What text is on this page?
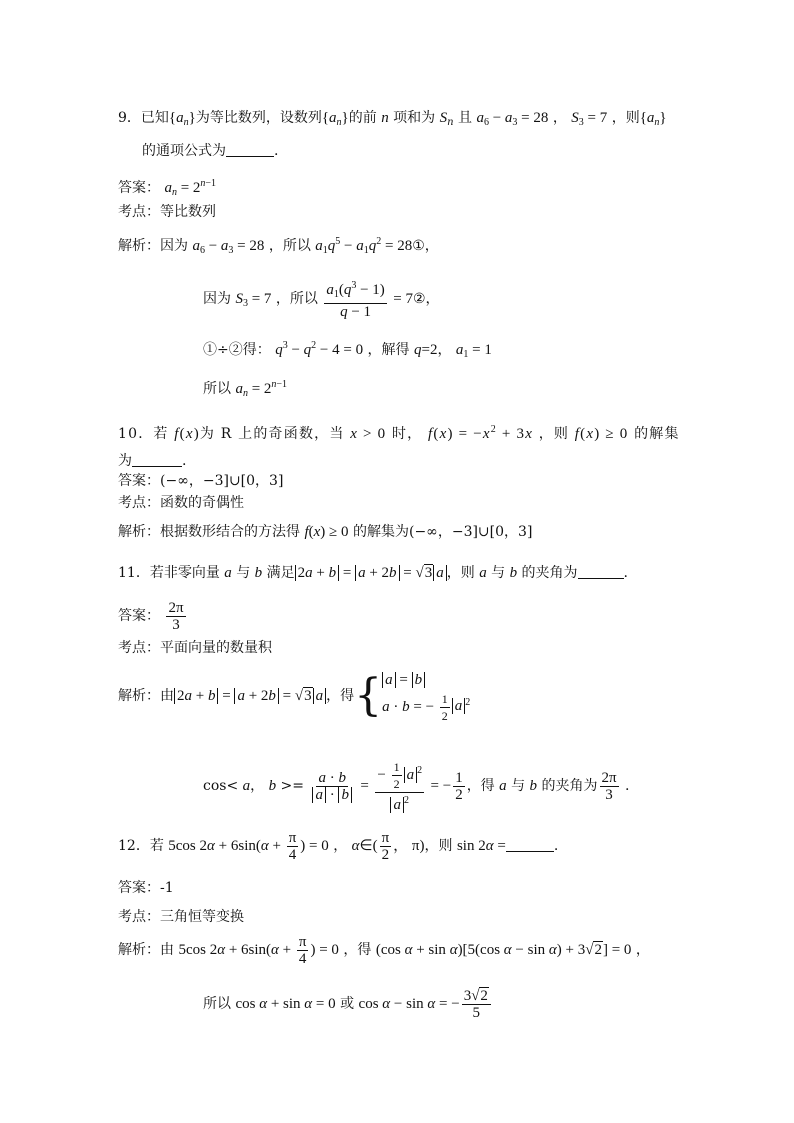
9．已知$\{a_n\}$为等比数列，设数列$\{a_n\}$的前 n 项和为 $S_n$ 且 $a_6 - a_3 = 28$ ， $S_3 = 7$ ，则$\{a_n\}$
的通项公式为	.
答案： $a_n = 2^{n-1}$
考点：等比数列
解析：因为 $a_6 - a_3 = 28$ ，所以 $a_1q^5 - a_1q^2$ = 28①，
因为 $S_3 = 7$ ，所以 $\frac{a_1(q^3 - 1)}{q - 1}$ = 7②，
①÷②得： $q^3 - q^2 - 4 = 0$ ，解得 q=2， $a_1 = 1$
所以 $a_n = 2^{n-1}$
10．若 f(x)为 R 上的奇函数，当 x > 0 时， $f(x) = -x^2 + 3x$ ，则 f(x) ≥ 0 的解集
为	.
答案：(−∞，−3]∪[0，3]
考点：函数的奇偶性
解析：根据数形结合的方法得 f(x) ≥ 0 的解集为(−∞，−3]∪[0，3]
11．若非零向量 a 与 b 满足 2a + b = a + 2b = √3 a ，则 a 与 b 的夹角为	.
答案： $\frac{2\pi}{3}$
考点：平面向量的数量积
解析：由 2a + b = a + 2b = √3 a ，得{ a = b
a · b = − $\frac{1}{2}$ a $^2$
cos< a， $b >= \frac{a \cdot b}{a \cdot b} = \frac{- \frac{1}{2} a ^2}{a ^2}$ = − $\frac{1}{2}$ ，得 a 与 b 的夹角为 $\frac{2\pi}{3}$ .
12．若 5cos $2\alpha + 6\sin(\alpha + \frac{\pi}{4}$ ) = 0 ， α∈( $\frac{\pi}{2}$ ， π)，则 sin 2α =	.
答案：-1
考点：三角恒等变换
解析：由 5cos $2\alpha + 6\sin(\alpha + \frac{\pi}{4}$ ) = 0 ，得 (cos α + sin α)[5(cos α − sin α) + 3√2] = 0 ，
所以 cos α + sin α = 0 或 cos α − sin α = − $\frac{3√2}{5}$
